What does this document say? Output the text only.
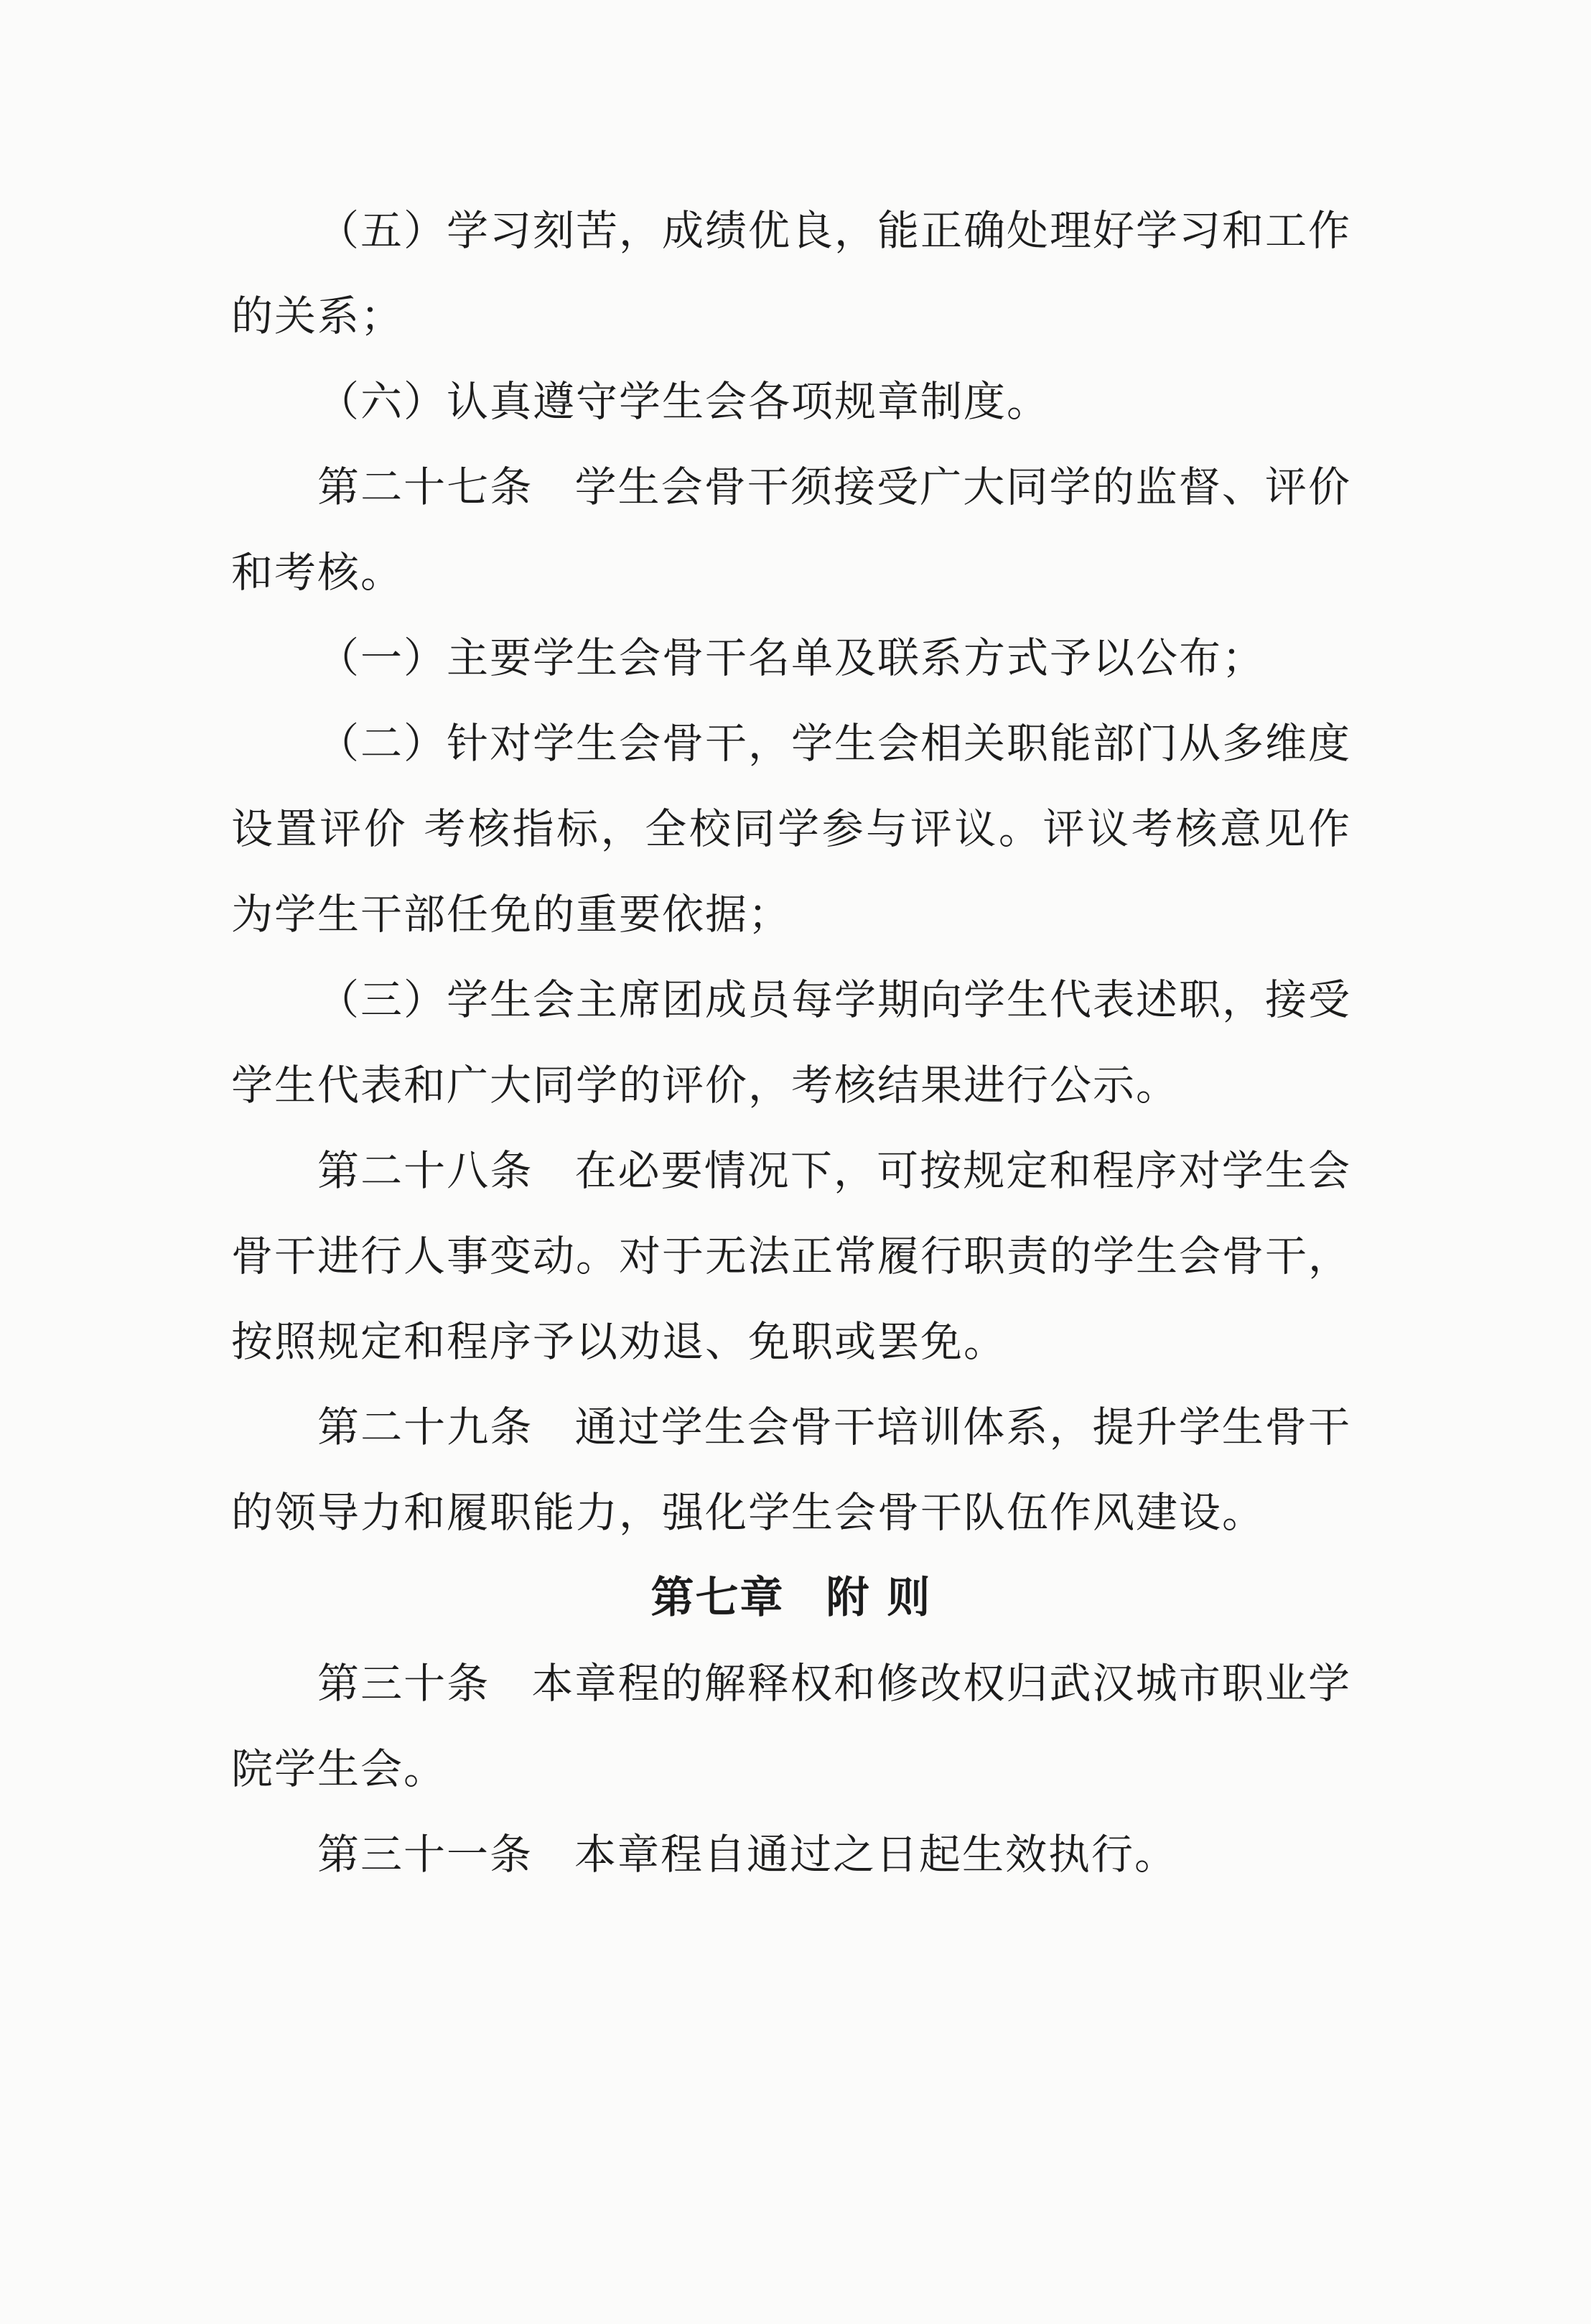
（五）学习刻苦，成绩优良，能正确处理好学习和工作的关系；

（六）认真遵守学生会各项规章制度。

第二十七条 学生会骨干须接受广大同学的监督、评价和考核。

（一）主要学生会骨干名单及联系方式予以公布；

（二）针对学生会骨干，学生会相关职能部门从多维度设置评价 考核指标，全校同学参与评议。评议考核意见作为学生干部任免的重要依据；

（三）学生会主席团成员每学期向学生代表述职，接受学生代表和广大同学的评价，考核结果进行公示。

第二十八条 在必要情况下，可按规定和程序对学生会骨干进行人事变动。对于无法正常履行职责的学生会骨干，按照规定和程序予以劝退、免职或罢免。

第二十九条 通过学生会骨干培训体系，提升学生骨干的领导力和履职能力，强化学生会骨干队伍作风建设。

第七章 附 则

第三十条 本章程的解释权和修改权归武汉城市职业学院学生会。

第三十一条 本章程自通过之日起生效执行。
